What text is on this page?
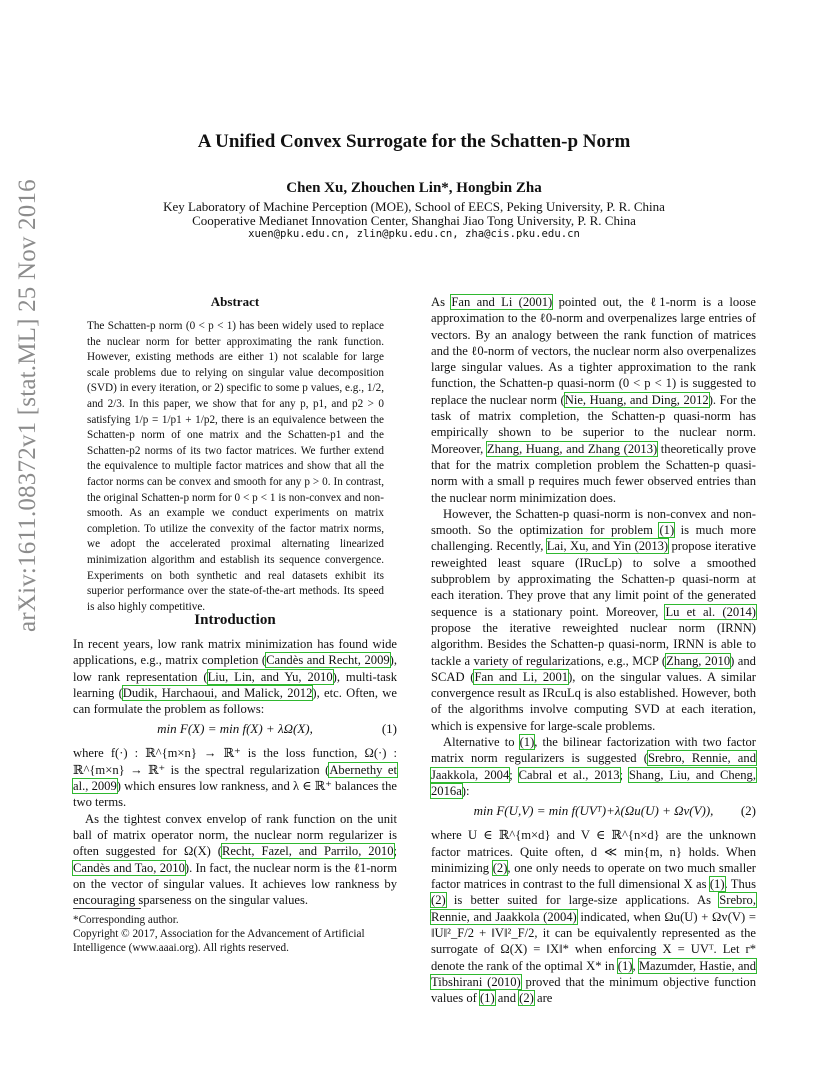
arXiv:1611.08372v1 [stat.ML] 25 Nov 2016
A Unified Convex Surrogate for the Schatten-p Norm
Chen Xu, Zhouchen Lin*, Hongbin Zha
Key Laboratory of Machine Perception (MOE), School of EECS, Peking University, P. R. China
Cooperative Medianet Innovation Center, Shanghai Jiao Tong University, P. R. China
xuen@pku.edu.cn, zlin@pku.edu.cn, zha@cis.pku.edu.cn
Abstract
The Schatten-p norm (0 < p < 1) has been widely used to replace the nuclear norm for better approximating the rank function. However, existing methods are either 1) not scalable for large scale problems due to relying on singular value decomposition (SVD) in every iteration, or 2) specific to some p values, e.g., 1/2, and 2/3. In this paper, we show that for any p, p1, and p2 > 0 satisfying 1/p = 1/p1 + 1/p2, there is an equivalence between the Schatten-p norm of one matrix and the Schatten-p1 and the Schatten-p2 norms of its two factor matrices. We further extend the equivalence to multiple factor matrices and show that all the factor norms can be convex and smooth for any p > 0. In contrast, the original Schatten-p norm for 0 < p < 1 is non-convex and non-smooth. As an example we conduct experiments on matrix completion. To utilize the convexity of the factor matrix norms, we adopt the accelerated proximal alternating linearized minimization algorithm and establish its sequence convergence. Experiments on both synthetic and real datasets exhibit its superior performance over the state-of-the-art methods. Its speed is also highly competitive.
Introduction

In recent years, low rank matrix minimization has found wide applications, e.g., matrix completion (Candès and Recht, 2009), low rank representation (Liu, Lin, and Yu, 2010), multi-task learning (Dudik, Harchaoui, and Malick, 2012), etc. Often, we can formulate the problem as follows:

min F(X) = min f(X) + λΩ(X),	(1)

where f(·) : ℝ^{m×n} → ℝ⁺ is the loss function, Ω(·) : ℝ^{m×n} → ℝ⁺ is the spectral regularization (Abernethy et al., 2009) which ensures low rankness, and λ ∈ ℝ⁺ balances the two terms.

As the tightest convex envelop of rank function on the unit ball of matrix operator norm, the nuclear norm regularizer is often suggested for Ω(X) (Recht, Fazel, and Parrilo, 2010; Candès and Tao, 2010). In fact, the nuclear norm is the ℓ1-norm on the vector of singular values. It achieves low rankness by encouraging sparseness on the singular values.

*Corresponding author.
Copyright © 2017, Association for the Advancement of Artificial Intelligence (www.aaai.org). All rights reserved.

As Fan and Li (2001) pointed out, the ℓ1-norm is a loose approximation to the ℓ0-norm and overpenalizes large entries of vectors. By an analogy between the rank function of matrices and the ℓ0-norm of vectors, the nuclear norm also overpenalizes large singular values. As a tighter approximation to the rank function, the Schatten-p quasi-norm (0 < p < 1) is suggested to replace the nuclear norm (Nie, Huang, and Ding, 2012). For the task of matrix completion, the Schatten-p quasi-norm has empirically shown to be superior to the nuclear norm. Moreover, Zhang, Huang, and Zhang (2013) theoretically prove that for the matrix completion problem the Schatten-p quasi-norm with a small p requires much fewer observed entries than the nuclear norm minimization does.

However, the Schatten-p quasi-norm is non-convex and non-smooth. So the optimization for problem (1) is much more challenging. Recently, Lai, Xu, and Yin (2013) propose iterative reweighted least square (IRucLp) to solve a smoothed subproblem by approximating the Schatten-p quasi-norm at each iteration. They prove that any limit point of the generated sequence is a stationary point. Moreover, Lu et al. (2014) propose the iterative reweighted nuclear norm (IRNN) algorithm. Besides the Schatten-p quasi-norm, IRNN is able to tackle a variety of regularizations, e.g., MCP (Zhang, 2010) and SCAD (Fan and Li, 2001), on the singular values. A similar convergence result as IRcuLq is also established. However, both of the algorithms involve computing SVD at each iteration, which is expensive for large-scale problems.

Alternative to (1), the bilinear factorization with two factor matrix norm regularizers is suggested (Srebro, Rennie, and Jaakkola, 2004; Cabral et al., 2013; Shang, Liu, and Cheng, 2016a):

min F(U,V) = min f(UVᵀ)+λ(Ωu(U) + Ωv(V)),	(2)

where U ∈ ℝ^{m×d} and V ∈ ℝ^{n×d} are the unknown factor matrices. Quite often, d ≪ min{m, n} holds. When minimizing (2), one only needs to operate on two much smaller factor matrices in contrast to the full dimensional X as (1). Thus (2) is better suited for large-size applications. As Srebro, Rennie, and Jaakkola (2004) indicated, when Ωu(U) + Ωv(V) = ‖U‖²_F/2 + ‖V‖²_F/2, it can be equivalently represented as the surrogate of Ω(X) = ‖X‖* when enforcing X = UVᵀ. Let r* denote the rank of the optimal X* in (1), Mazumder, Hastie, and Tibshirani (2010) proved that the minimum objective function values of (1) and (2) are
